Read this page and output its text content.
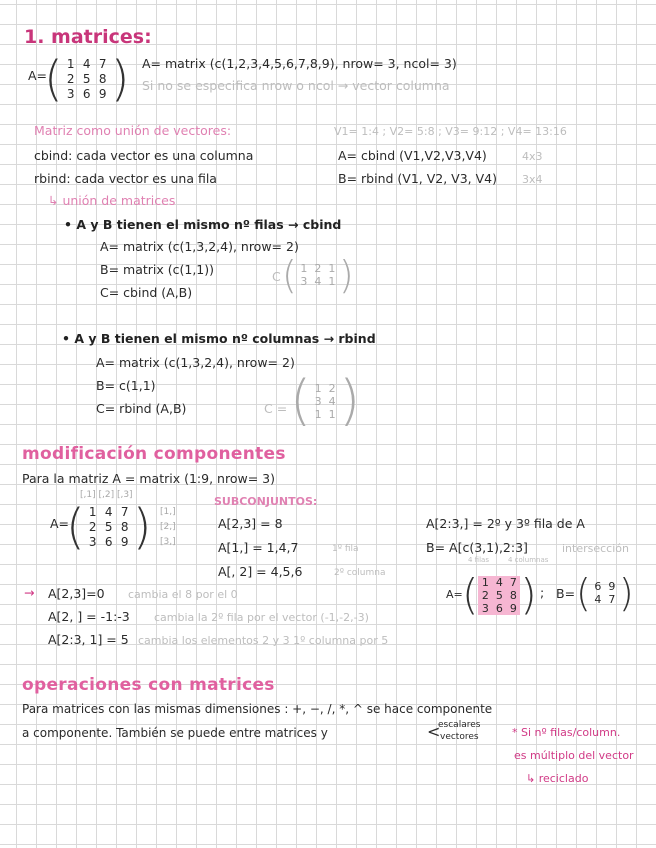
1. matrices:
A=
( 1	4	7
2	5	8
3	6	9 ) A= matrix (c(1,2,3,4,5,6,7,8,9), nrow= 3, ncol= 3)
Si no se especifica nrow o ncol → vector columna
Matriz como unión de vectores:	V1= 1:4 ; V2= 5:8 ; V3= 9:12 ; V4= 13:16
cbind: cada vector es una columna	A= cbind (V1,V2,V3,V4)	4x3
rbind: cada vector es una fila	B= rbind (V1, V2, V3, V4) 3x4
↳ unión de matrices
• A y B tienen el mismo nº filas → cbind
A= matrix (c(1,3,2,4), nrow= 2)
B= matrix (c(1,1))
C= cbind (A,B)
C ( 1	2	1
3	4	1 )
• A y B tienen el mismo nº columnas → rbind
A= matrix (c(1,3,2,4), nrow= 2)
B= c(1,1)
C= rbind (A,B)	C = ( 1	2
3	4
1	1 )
modificación componentes
Para la matriz A = matrix (1:9, nrow= 3)
[,1] [,2] [,3]
A=
( 1	4	7
2	5	8
3	6	9 ) [1,]
[2,]
[3,]
SUBCONJUNTOS:
A[2,3] = 8
A[1,] = 1,4,7	1º fila
A[, 2] = 4,5,6	2º columna
A[2:3,] = 2º y 3º fila de A
B= A[c(3,1),2:3]	intersección
4 filas	4 columnas
A= ( 1	4	7
2	5	8
3	6	9 ) ; B= ( 6	9
4	7 )
→ A[2,3]=0 cambia el 8 por el 0
A[2, ] = -1:-3 cambia la 2º fila por el vector (-1,-2,-3)
A[2:3, 1] = 5 cambia los elementos 2 y 3 1º columna por 5
operaciones con matrices
Para matrices con las mismas dimensiones : +, −, /, *, ^ se hace componente
a componente. También se puede entre matrices y	<
escalares
vectores	* Si nº filas/column.
es múltiplo del vector
↳ reciclado
